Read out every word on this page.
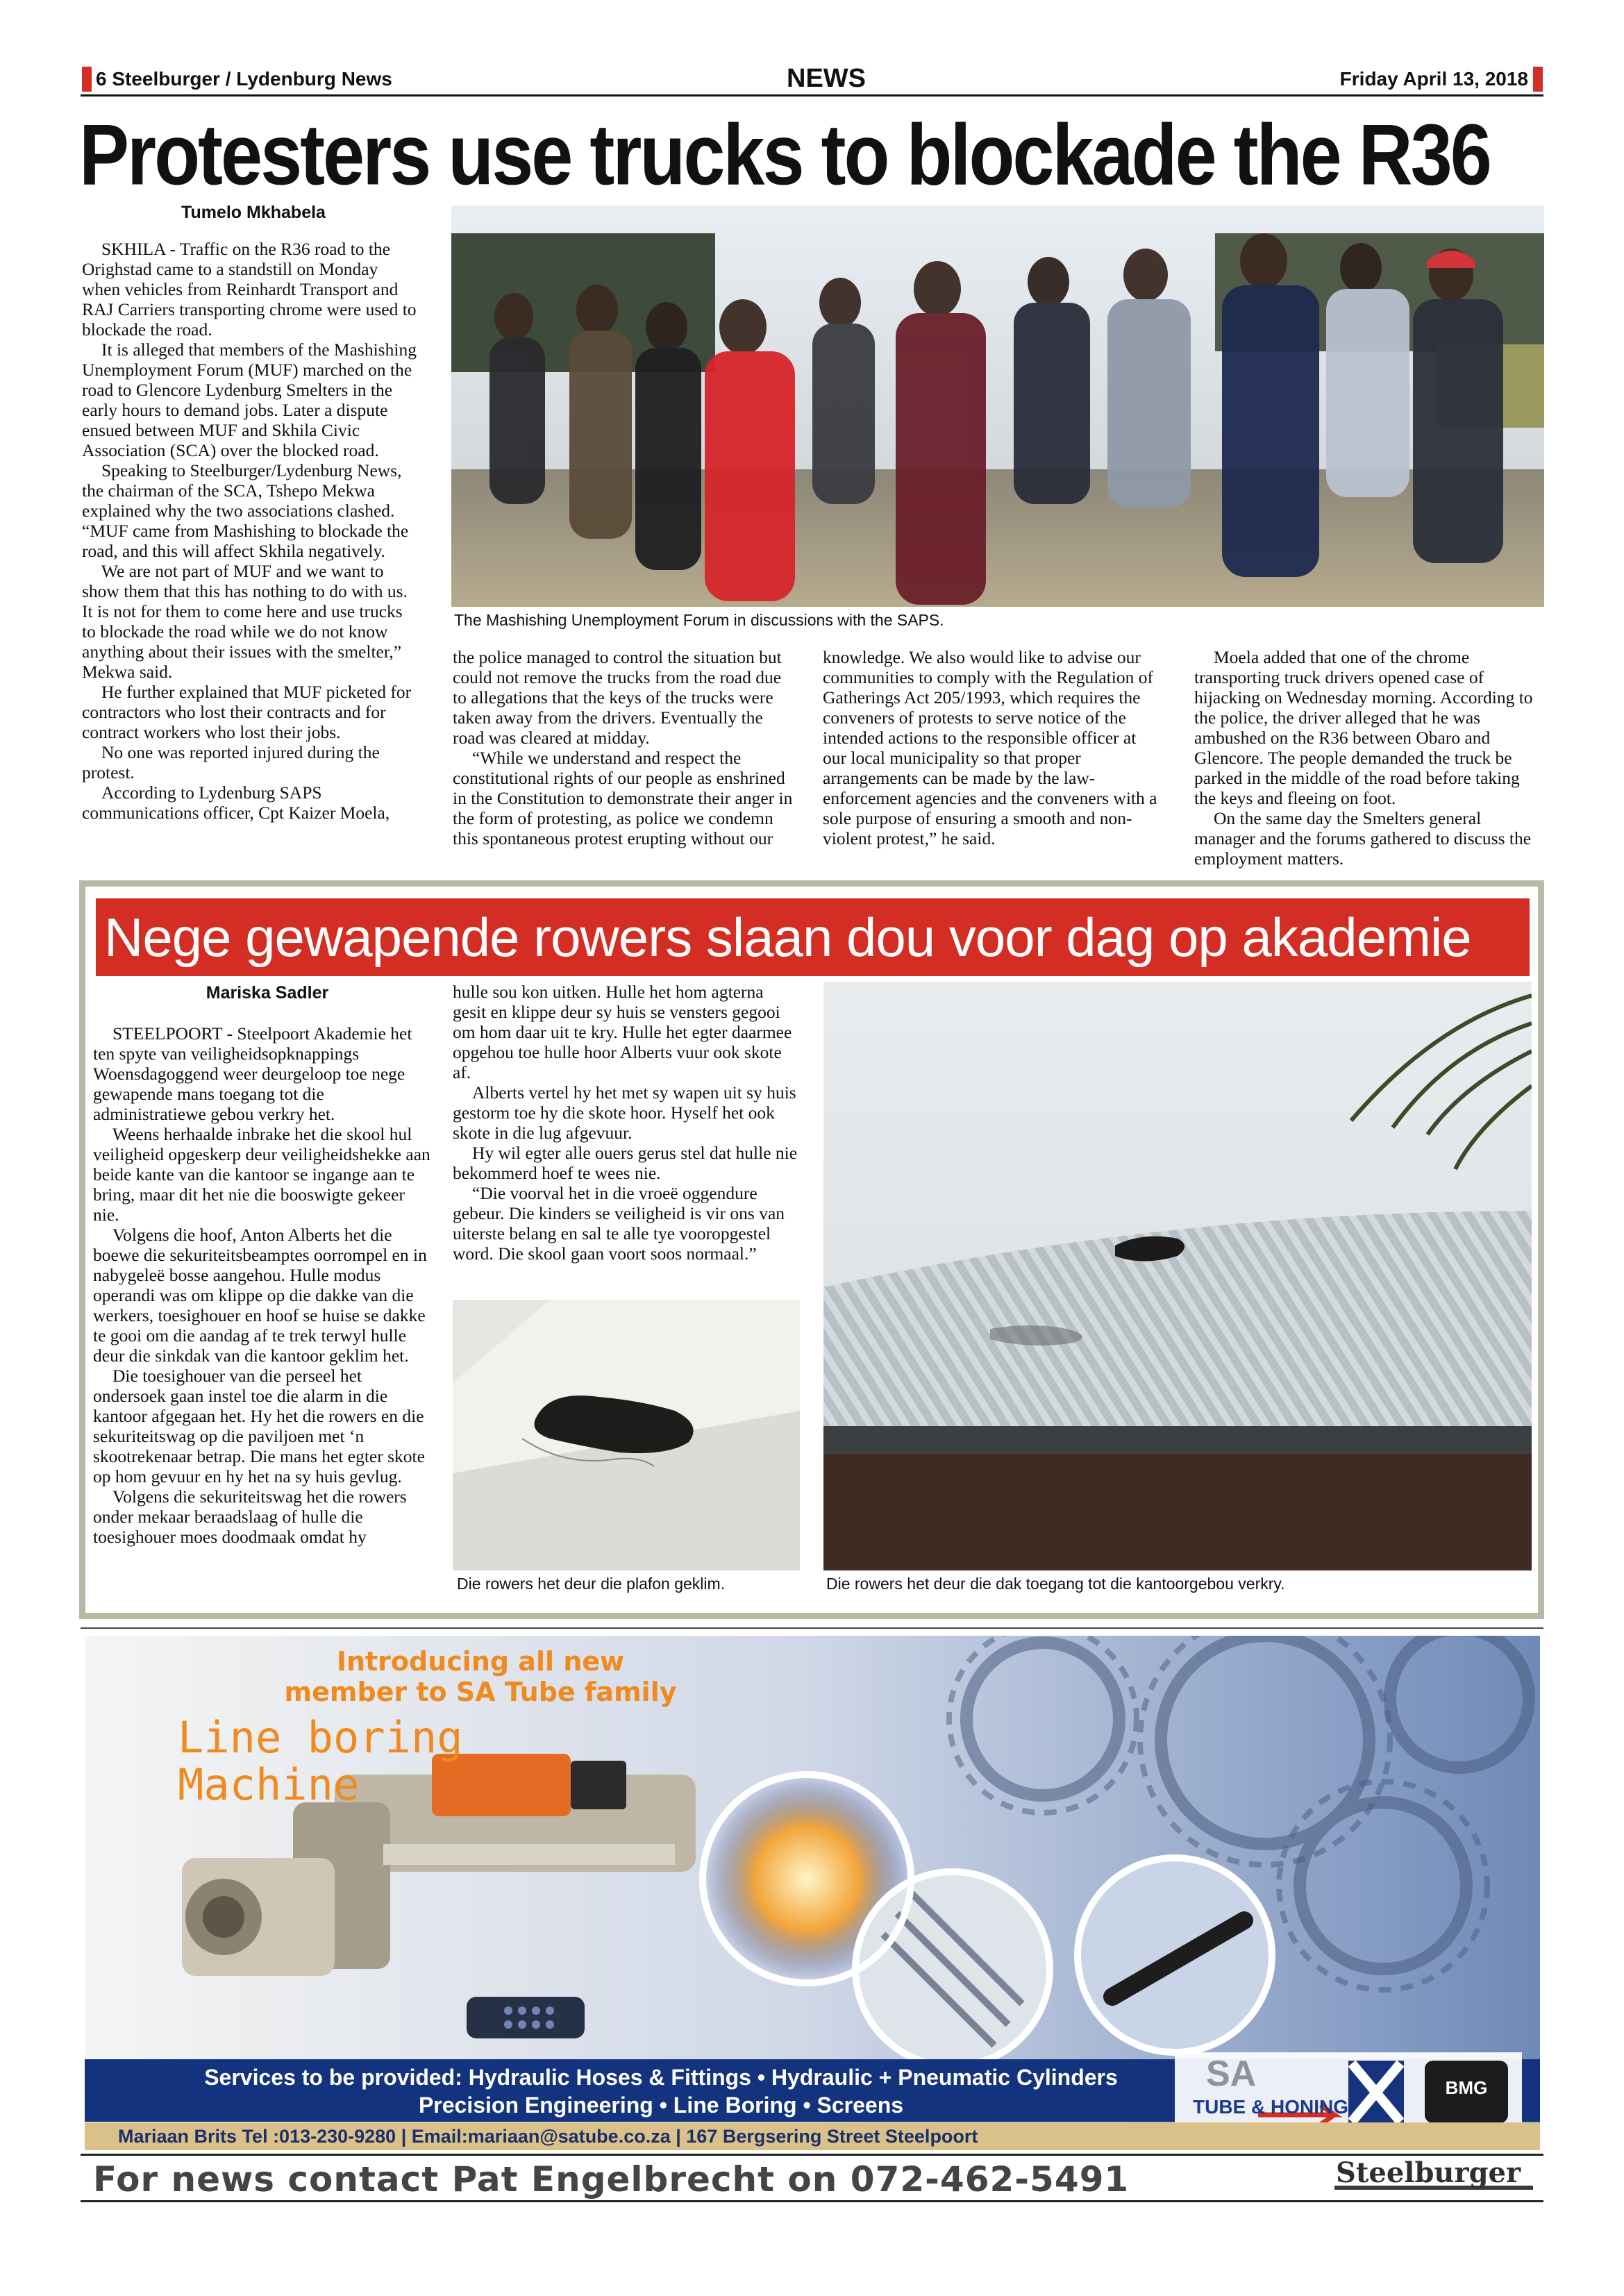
6 Steelburger / Lydenburg News	NEWS	Friday April 13, 2018
Protesters use trucks to blockade the R36
Tumelo Mkhabela

SKHILA - Traffic on the R36 road to the Orighstad came to a standstill on Monday when vehicles from Reinhardt Transport and RAJ Carriers transporting chrome were used to blockade the road.

It is alleged that members of the Mashishing Unemployment Forum (MUF) marched on the road to Glencore Lydenburg Smelters in the early hours to demand jobs. Later a dispute ensued between MUF and Skhila Civic Association (SCA) over the blocked road.

Speaking to Steelburger/Lydenburg News, the chairman of the SCA, Tshepo Mekwa explained why the two associations clashed. “MUF came from Mashishing to blockade the road, and this will affect Skhila negatively.

We are not part of MUF and we want to show them that this has nothing to do with us. It is not for them to come here and use trucks to blockade the road while we do not know anything about their issues with the smelter,” Mekwa said.

He further explained that MUF picketed for contractors who lost their contracts and for contract workers who lost their jobs.

No one was reported injured during the protest.

According to Lydenburg SAPS communications officer, Cpt Kaizer Moela,

The Mashishing Unemployment Forum in discussions with the SAPS.

the police managed to control the situation but could not remove the trucks from the road due to allegations that the keys of the trucks were taken away from the drivers. Eventually the road was cleared at midday.

“While we understand and respect the constitutional rights of our people as enshrined in the Constitution to demonstrate their anger in the form of protesting, as police we condemn this spontaneous protest erupting without our

knowledge. We also would like to advise our communities to comply with the Regulation of Gatherings Act 205/1993, which requires the conveners of protests to serve notice of the intended actions to the responsible officer at our local municipality so that proper arrangements can be made by the law-enforcement agencies and the conveners with a sole purpose of ensuring a smooth and non-violent protest,” he said.

Moela added that one of the chrome transporting truck drivers opened case of hijacking on Wednesday morning. According to the police, the driver alleged that he was ambushed on the R36 between Obaro and Glencore. The people demanded the truck be parked in the middle of the road before taking the keys and fleeing on foot.

On the same day the Smelters general manager and the forums gathered to discuss the employment matters.

Nege gewapende rowers slaan dou voor dag op akademie toe	Mariska Sadler

STEELPOORT - Steelpoort Akademie het ten spyte van veiligheidsopknappings Woensdagoggend weer deurgeloop toe nege gewapende mans toegang tot die administratiewe gebou verkry het.

Weens herhaalde inbrake het die skool hul veiligheid opgeskerp deur veiligheidshekke aan beide kante van die kantoor se ingange aan te bring, maar dit het nie die booswigte gekeer nie.

Volgens die hoof, Anton Alberts het die boewe die sekuriteitsbeamptes oorrompel en in nabygeleë bosse aangehou. Hulle modus operandi was om klippe op die dakke van die werkers, toesighouer en hoof se huise se dakke te gooi om die aandag af te trek terwyl hulle deur die sinkdak van die kantoor geklim het.

Die toesighouer van die perseel het ondersoek gaan instel toe die alarm in die kantoor afgegaan het. Hy het die rowers en die sekuriteitswag op die paviljoen met ‘n skootrekenaar betrap. Die mans het egter skote op hom gevuur en hy het na sy huis gevlug.

Volgens die sekuriteitswag het die rowers onder mekaar beraadslaag of hulle die toesighouer moes doodmaak omdat hy

hulle sou kon uitken. Hulle het hom agterna gesit en klippe deur sy huis se vensters gegooi om hom daar uit te kry. Hulle het egter daarmee opgehou toe hulle hoor Alberts vuur ook skote af.

Alberts vertel hy het met sy wapen uit sy huis gestorm toe hy die skote hoor. Hyself het ook skote in die lug afgevuur.

Hy wil egter alle ouers gerus stel dat hulle nie bekommerd hoef te wees nie.

“Die voorval het in die vroeë oggendure gebeur. Die kinders se veiligheid is vir ons van uiterste belang en sal te alle tye vooropgestel word. Die skool gaan voort soos normaal.”

Die rowers het deur die plafon geklim.	Die rowers het deur die dak toegang tot die kantoorgebou verkry.
Introducing all new
member to SA Tube family
Line boring
Machine
Services to be provided: Hydraulic Hoses & Fittings • Hydraulic + Pneumatic Cylinders
Precision Engineering • Line Boring • Screens
SA
TUBE & HONING
BMG
Mariaan Brits Tel :013-230-9280 | Email:mariaan@satube.co.za | 167 Bergsering Street Steelpoort
For news contact Pat Engelbrecht on 072-462-5491	Steelburger
